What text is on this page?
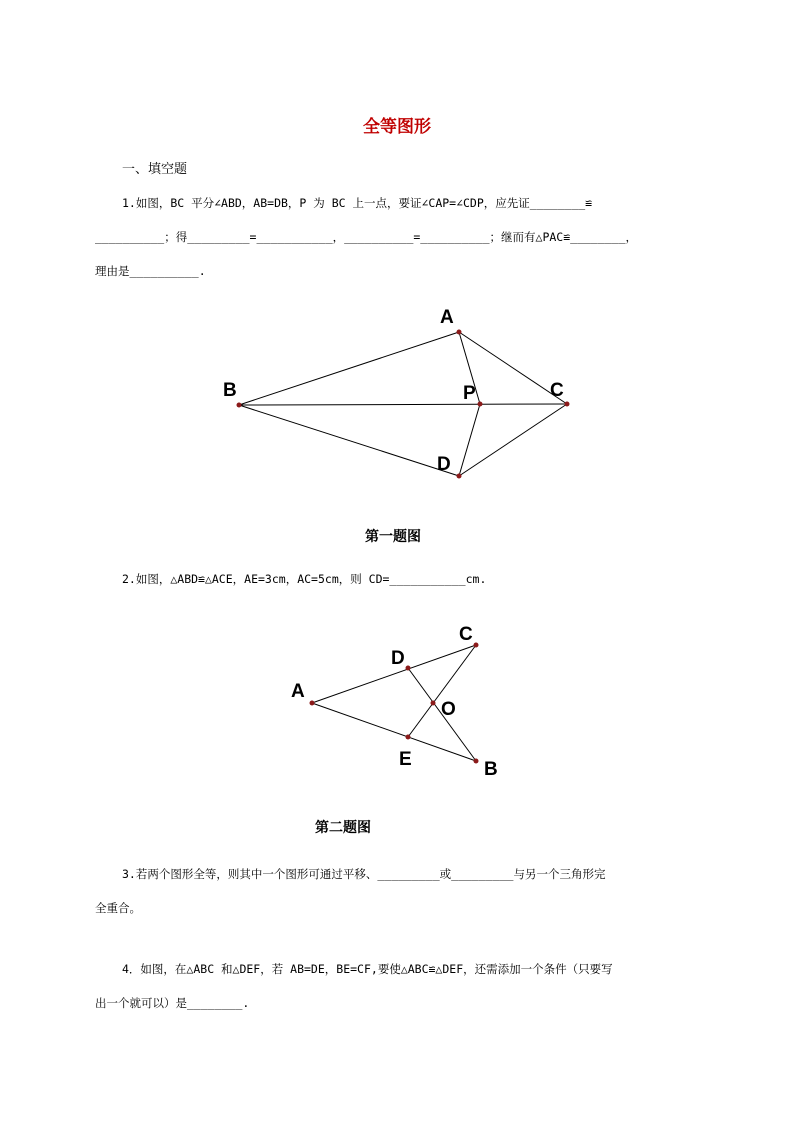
全等图形
一、填空题
1.如图，BC 平分∠ABD，AB=DB，P 为 BC 上一点，要证∠CAP=∠CDP，应先证________≌
__________；得_________=___________，__________=__________；继而有△PAC≌________，
理由是__________.
A
B	P	C
D
第一题图
2.如图，△ABD≌△ACE，AE=3cm，AC=5cm，则 CD=___________cm.
A
C
D
O
E	B
第二题图
3.若两个图形全等，则其中一个图形可通过平移、_________或_________与另一个三角形完
全重合。
4．如图，在△ABC 和△DEF，若 AB=DE，BE=CF,要使△ABC≌△DEF，还需添加一个条件（只要写
出一个就可以）是________.
